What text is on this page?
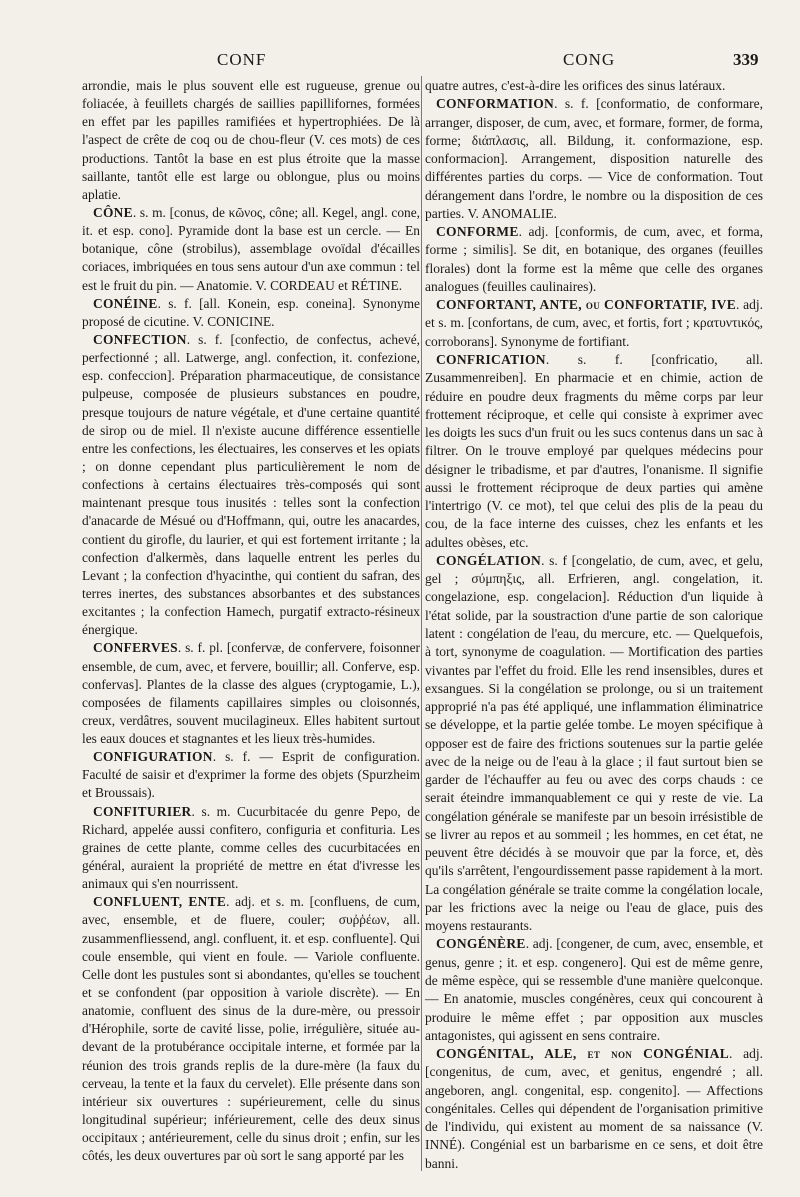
CONF	CONG	339

arrondie, mais le plus souvent elle est rugueuse, grenue ou foliacée, à feuillets chargés de saillies papillifornes, formées en effet par les papilles ramifiées et hypertrophiées. De là l'aspect de crête de coq ou de chou-fleur (V. ces mots) de ces productions. Tantôt la base en est plus étroite que la masse saillante, tantôt elle est large ou oblongue, plus ou moins aplatie.

CÔNE. s. m. [conus, de κῶνος, cône; all. Kegel, angl. cone, it. et esp. cono]. Pyramide dont la base est un cercle. — En botanique, cône (strobilus), assemblage ovoïdal d'écailles coriaces, imbriquées en tous sens autour d'un axe commun : tel est le fruit du pin. — Anatomie. V. CORDEAU et RÉTINE.

CONÉINE. s. f. [all. Konein, esp. coneina]. Synonyme proposé de cicutine. V. CONICINE.

CONFECTION. s. f. [confectio, de confectus, achevé, perfectionné ; all. Latwerge, angl. confection, it. confezione, esp. confeccion]. Préparation pharmaceutique, de consistance pulpeuse, composée de plusieurs substances en poudre, presque toujours de nature végétale, et d'une certaine quantité de sirop ou de miel. Il n'existe aucune différence essentielle entre les confections, les électuaires, les conserves et les opiats ; on donne cependant plus particulièrement le nom de confections à certains électuaires très-composés qui sont maintenant presque tous inusités : telles sont la confection d'anacarde de Mésué ou d'Hoffmann, qui, outre les anacardes, contient du girofle, du laurier, et qui est fortement irritante ; la confection d'alkermès, dans laquelle entrent les perles du Levant ; la confection d'hyacinthe, qui contient du safran, des terres inertes, des substances absorbantes et des substances excitantes ; la confection Hamech, purgatif extracto-résineux énergique.

CONFERVES. s. f. pl. [confervæ, de confervere, foisonner ensemble, de cum, avec, et fervere, bouillir; all. Conferve, esp. confervas]. Plantes de la classe des algues (cryptogamie, L.), composées de filaments capillaires simples ou cloisonnés, creux, verdâtres, souvent mucilagineux. Elles habitent surtout les eaux douces et stagnantes et les lieux très-humides.

CONFIGURATION. s. f. — Esprit de configuration. Faculté de saisir et d'exprimer la forme des objets (Spurzheim et Broussais).

CONFITURIER. s. m. Cucurbitacée du genre Pepo, de Richard, appelée aussi confitero, configuria et confituria. Les graines de cette plante, comme celles des cucurbitacées en général, auraient la propriété de mettre en état d'ivresse les animaux qui s'en nourrissent.

CONFLUENT, ENTE. adj. et s. m. [confluens, de cum, avec, ensemble, et de fluere, couler; συῤῥέων, all. zusammenfliessend, angl. confluent, it. et esp. confluente]. Qui coule ensemble, qui vient en foule. — Variole confluente. Celle dont les pustules sont si abondantes, qu'elles se touchent et se confondent (par opposition à variole discrète). — En anatomie, confluent des sinus de la dure-mère, ou pressoir d'Hérophile, sorte de cavité lisse, polie, irrégulière, située au-devant de la protubérance occipitale interne, et formée par la réunion des trois grands replis de la dure-mère (la faux du cerveau, la tente et la faux du cervelet). Elle présente dans son intérieur six ouvertures : supérieurement, celle du sinus longitudinal supérieur; inférieurement, celle des deux sinus occipitaux ; antérieurement, celle du sinus droit ; enfin, sur les côtés, les deux ouvertures par où sort le sang apporté par les

quatre autres, c'est-à-dire les orifices des sinus latéraux.

CONFORMATION. s. f. [conformatio, de conformare, arranger, disposer, de cum, avec, et formare, former, de forma, forme; διάπλασις, all. Bildung, it. conformazione, esp. conformacion]. Arrangement, disposition naturelle des différentes parties du corps. — Vice de conformation. Tout dérangement dans l'ordre, le nombre ou la disposition de ces parties. V. ANOMALIE.

CONFORME. adj. [conformis, de cum, avec, et forma, forme ; similis]. Se dit, en botanique, des organes (feuilles florales) dont la forme est la même que celle des organes analogues (feuilles caulinaires).

CONFORTANT, ANTE, ou CONFORTATIF, IVE. adj. et s. m. [confortans, de cum, avec, et fortis, fort ; κρατυντικός, corroborans]. Synonyme de fortifiant.

CONFRICATION. s. f. [confricatio, all. Zusammenreiben]. En pharmacie et en chimie, action de réduire en poudre deux fragments du même corps par leur frottement réciproque, et celle qui consiste à exprimer avec les doigts les sucs d'un fruit ou les sucs contenus dans un sac à filtrer. On le trouve employé par quelques médecins pour désigner le tribadisme, et par d'autres, l'onanisme. Il signifie aussi le frottement réciproque de deux parties qui amène l'intertrigo (V. ce mot), tel que celui des plis de la peau du cou, de la face interne des cuisses, chez les enfants et les adultes obèses, etc.

CONGÉLATION. s. f [congelatio, de cum, avec, et gelu, gel ; σύμπηξις, all. Erfrieren, angl. congelation, it. congelazione, esp. congelacion]. Réduction d'un liquide à l'état solide, par la soustraction d'une partie de son calorique latent : congélation de l'eau, du mercure, etc. — Quelquefois, à tort, synonyme de coagulation. — Mortification des parties vivantes par l'effet du froid. Elle les rend insensibles, dures et exsangues. Si la congélation se prolonge, ou si un traitement approprié n'a pas été appliqué, une inflammation éliminatrice se développe, et la partie gelée tombe. Le moyen spécifique à opposer est de faire des frictions soutenues sur la partie gelée avec de la neige ou de l'eau à la glace ; il faut surtout bien se garder de l'échauffer au feu ou avec des corps chauds : ce serait éteindre immanquablement ce qui y reste de vie. La congélation générale se manifeste par un besoin irrésistible de se livrer au repos et au sommeil ; les hommes, en cet état, ne peuvent être décidés à se mouvoir que par la force, et, dès qu'ils s'arrêtent, l'engourdissement passe rapidement à la mort. La congélation générale se traite comme la congélation locale, par les frictions avec la neige ou l'eau de glace, puis des moyens restaurants.

CONGÉNÈRE. adj. [congener, de cum, avec, ensemble, et genus, genre ; it. et esp. congenero]. Qui est de même genre, de même espèce, qui se ressemble d'une manière quelconque. — En anatomie, muscles congénères, ceux qui concourent à produire le même effet ; par opposition aux muscles antagonistes, qui agissent en sens contraire.

CONGÉNITAL, ALE, et non CONGÉNIAL. adj. [congenitus, de cum, avec, et genitus, engendré ; all. angeboren, angl. congenital, esp. congenito]. — Affections congénitales. Celles qui dépendent de l'organisation primitive de l'individu, qui existent au moment de sa naissance (V. INNÉ). Congénial est un barbarisme en ce sens, et doit être banni.
